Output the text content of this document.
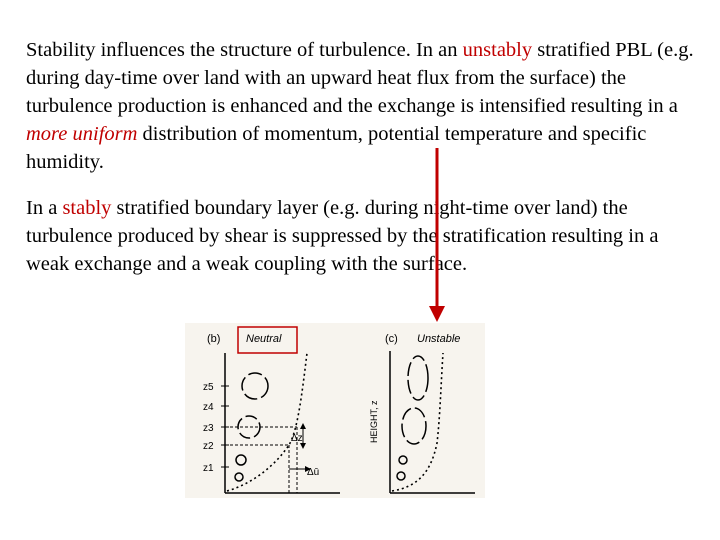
Stability influences the structure of turbulence. In an unstably stratified PBL (e.g. during day-time over land with an upward heat flux from the surface) the turbulence production is enhanced and the exchange is intensified resulting in a more uniform distribution of momentum, potential temperature and specific humidity.

In a stably stratified boundary layer (e.g. during night-time over land) the turbulence produced by shear is suppressed by the stratification resulting in a weak exchange and a weak coupling with the surface.

(b) Neutral
z5
z4
z3
z2
z1
Δz
Δū
(c) Unstable
HEIGHT, z
